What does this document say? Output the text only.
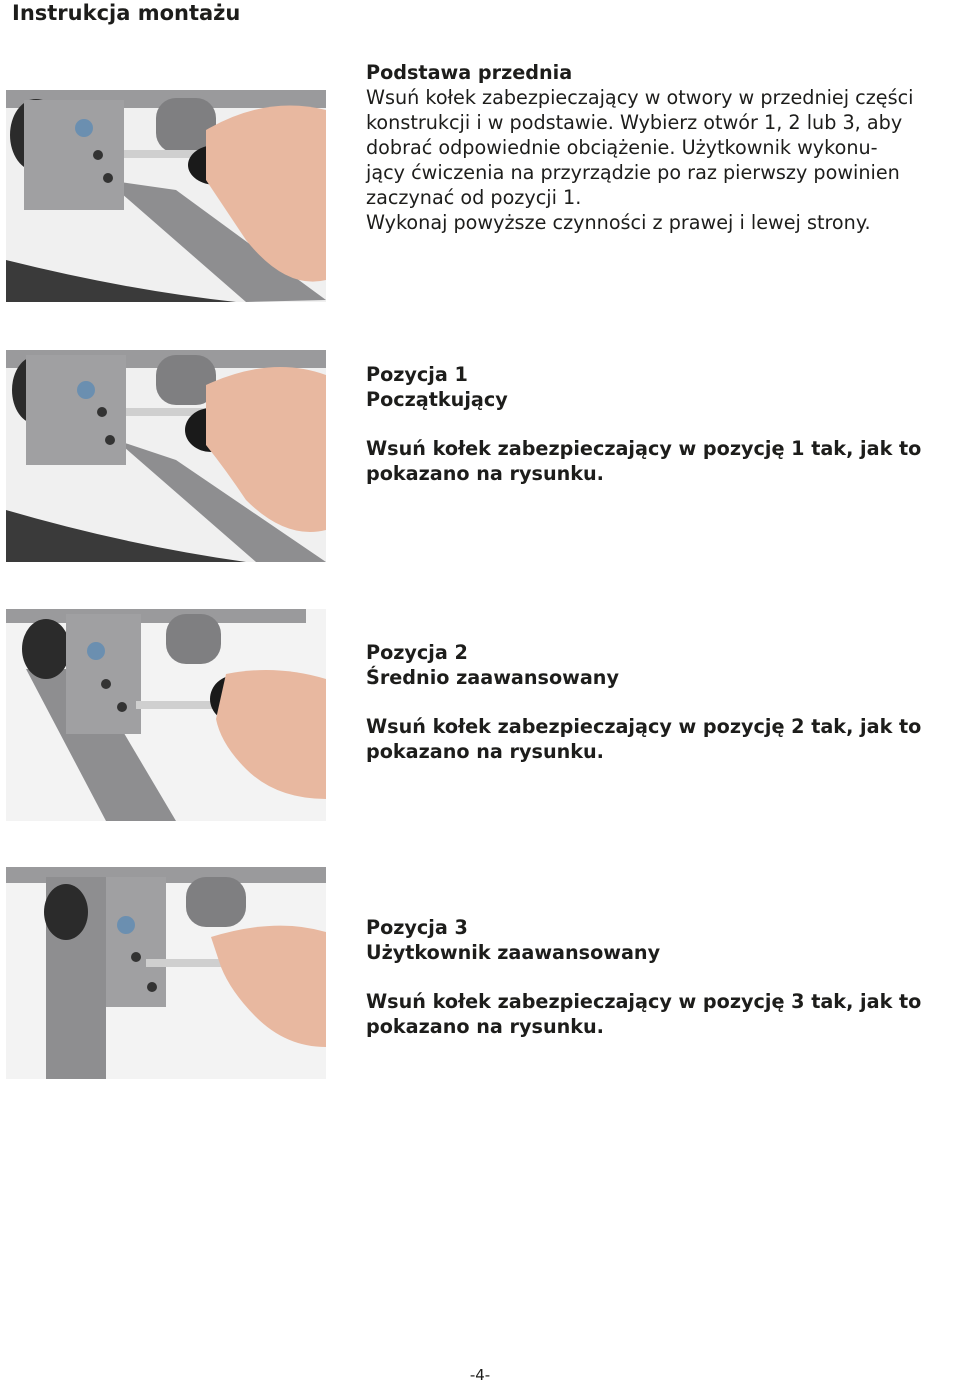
Instrukcja montażu

Podstawa przednia

Wsuń kołek zabezpieczający w otwory w przedniej części

konstrukcji i w podstawie. Wybierz otwór 1, 2 lub 3, aby

dobrać odpowiednie obciążenie. Użytkownik wykonu-

jący ćwiczenia na przyrządzie po raz pierwszy powinien

zaczynać od pozycji 1.

Wykonaj powyższe czynności z prawej i lewej strony.

Pozycja 1

Początkujący

Wsuń kołek zabezpieczający w pozycję 1 tak, jak to

pokazano na rysunku.

Pozycja 2

Średnio zaawansowany

Wsuń kołek zabezpieczający w pozycję 2 tak, jak to

pokazano na rysunku.

Pozycja 3

Użytkownik zaawansowany

Wsuń kołek zabezpieczający w pozycję 3 tak, jak to

pokazano na rysunku.

-4-
